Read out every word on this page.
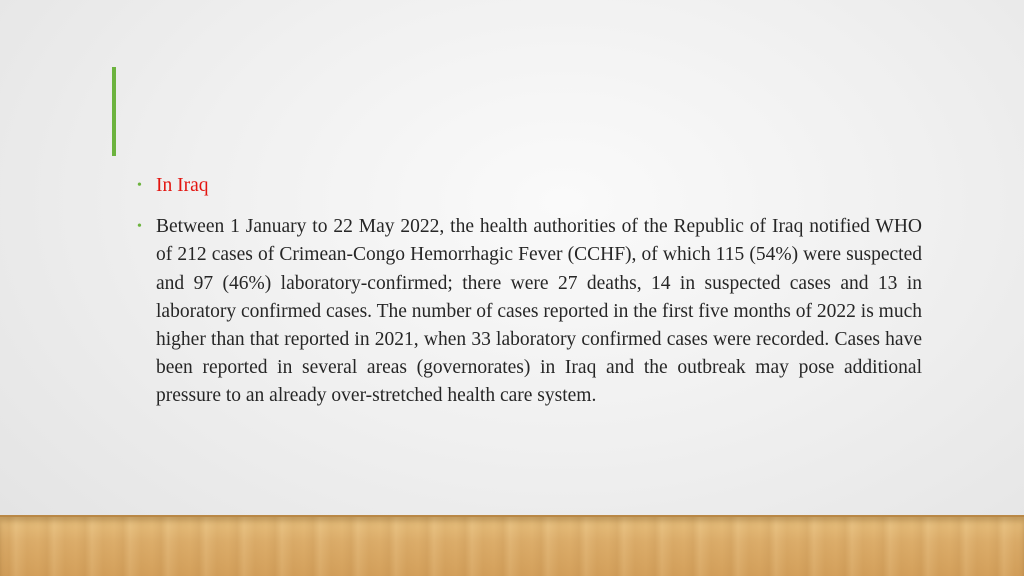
• In Iraq
• Between 1 January to 22 May 2022, the health authorities of the Republic of Iraq notified WHO of 212 cases of Crimean-Congo Hemorrhagic Fever (CCHF), of which 115 (54%) were suspected and 97 (46%) laboratory-confirmed; there were 27 deaths, 14 in suspected cases and 13 in laboratory confirmed cases. The number of cases reported in the first five months of 2022 is much higher than that reported in 2021, when 33 laboratory confirmed cases were recorded. Cases have been reported in several areas (governorates) in Iraq and the outbreak may pose additional pressure to an already over-stretched health care system.
